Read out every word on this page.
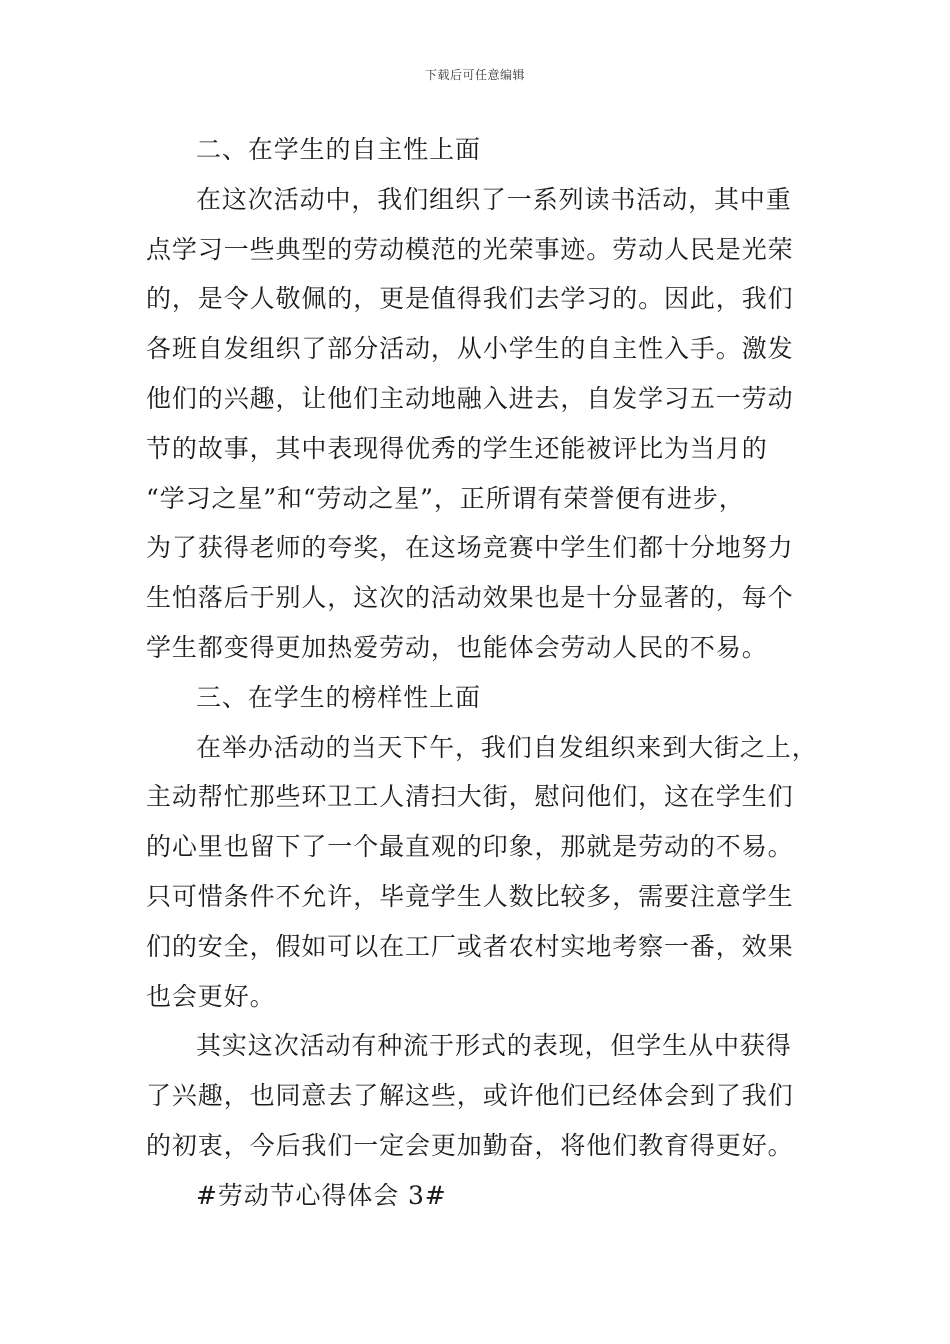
下载后可任意编辑
二、在学生的自主性上面
在这次活动中，我们组织了一系列读书活动，其中重
点学习一些典型的劳动模范的光荣事迹。劳动人民是光荣
的，是令人敬佩的，更是值得我们去学习的。因此，我们
各班自发组织了部分活动，从小学生的自主性入手。激发
他们的兴趣，让他们主动地融入进去，自发学习五一劳动
节的故事，其中表现得优秀的学生还能被评比为当月的
“学习之星”和“劳动之星”，正所谓有荣誉便有进步，
为了获得老师的夸奖，在这场竞赛中学生们都十分地努力
生怕落后于别人，这次的活动效果也是十分显著的，每个
学生都变得更加热爱劳动，也能体会劳动人民的不易。
三、在学生的榜样性上面
在举办活动的当天下午，我们自发组织来到大街之上，
主动帮忙那些环卫工人清扫大街，慰问他们，这在学生们
的心里也留下了一个最直观的印象，那就是劳动的不易。
只可惜条件不允许，毕竟学生人数比较多，需要注意学生
们的安全，假如可以在工厂或者农村实地考察一番，效果
也会更好。
其实这次活动有种流于形式的表现，但学生从中获得
了兴趣，也同意去了解这些，或许他们已经体会到了我们
的初衷，今后我们一定会更加勤奋，将他们教育得更好。
#劳动节心得体会 3#
